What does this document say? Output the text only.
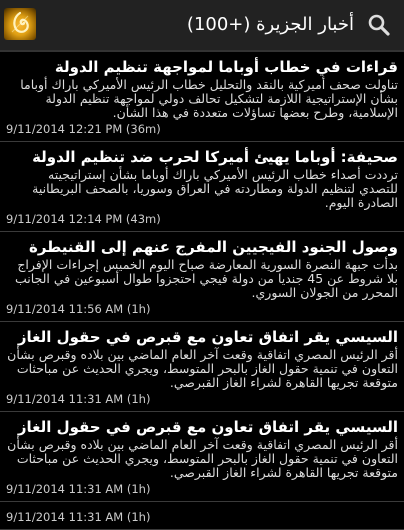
أخبار الجزيرة (+100)
قراءات في خطاب أوباما لمواجهة تنظيم الدولة
تناولت صحف أميركية بالنقد والتحليل خطاب الرئيس الأميركي باراك أوباما بشأن الإستراتيجية اللازمة لتشكيل تحالف دولي لمواجهة تنظيم الدولة الإسلامية، وطرح بعضها تساؤلات متعددة في هذا الشأن.
9/11/2014 12:21 PM (36m)
صحيفة: أوباما يهيئ أميركا لحرب ضد تنظيم الدولة
ترددت أصداء خطاب الرئيس الأميركي باراك أوباما بشأن إستراتيجيته للتصدي لتنظيم الدولة ومطاردته في العراق وسوريا، بالصحف البريطانية الصادرة اليوم.
9/11/2014 12:14 PM (43m)
وصول الجنود الفيجيين المفرج عنهم إلى القنيطرة
بدأت جبهة النصرة السورية المعارضة صباح اليوم الخميس إجراءات الإفراج بلا شروط عن 45 جنديا من دولة فيجي احتجزوا طوال أسبوعين في الجانب المحرر من الجولان السوري.
9/11/2014 11:56 AM (1h)
السيسي يقر اتفاق تعاون مع قبرص في حقول الغاز
أقر الرئيس المصري اتفاقية وقعت آخر العام الماضي بين بلاده وقبرص بشأن التعاون في تنمية حقول الغاز بالبحر المتوسط، ويجري الحديث عن مباحثات متوقعة تجريها القاهرة لشراء الغاز القبرصي.
9/11/2014 11:31 AM (1h)
السيسي يقر اتفاق تعاون مع قبرص في حقول الغاز
أقر الرئيس المصري اتفاقية وقعت آخر العام الماضي بين بلاده وقبرص بشأن التعاون في تنمية حقول الغاز بالبحر المتوسط، ويجري الحديث عن مباحثات متوقعة تجريها القاهرة لشراء الغاز القبرصي.
9/11/2014 11:31 AM (1h)
9/11/2014 11:31 AM (1h)
